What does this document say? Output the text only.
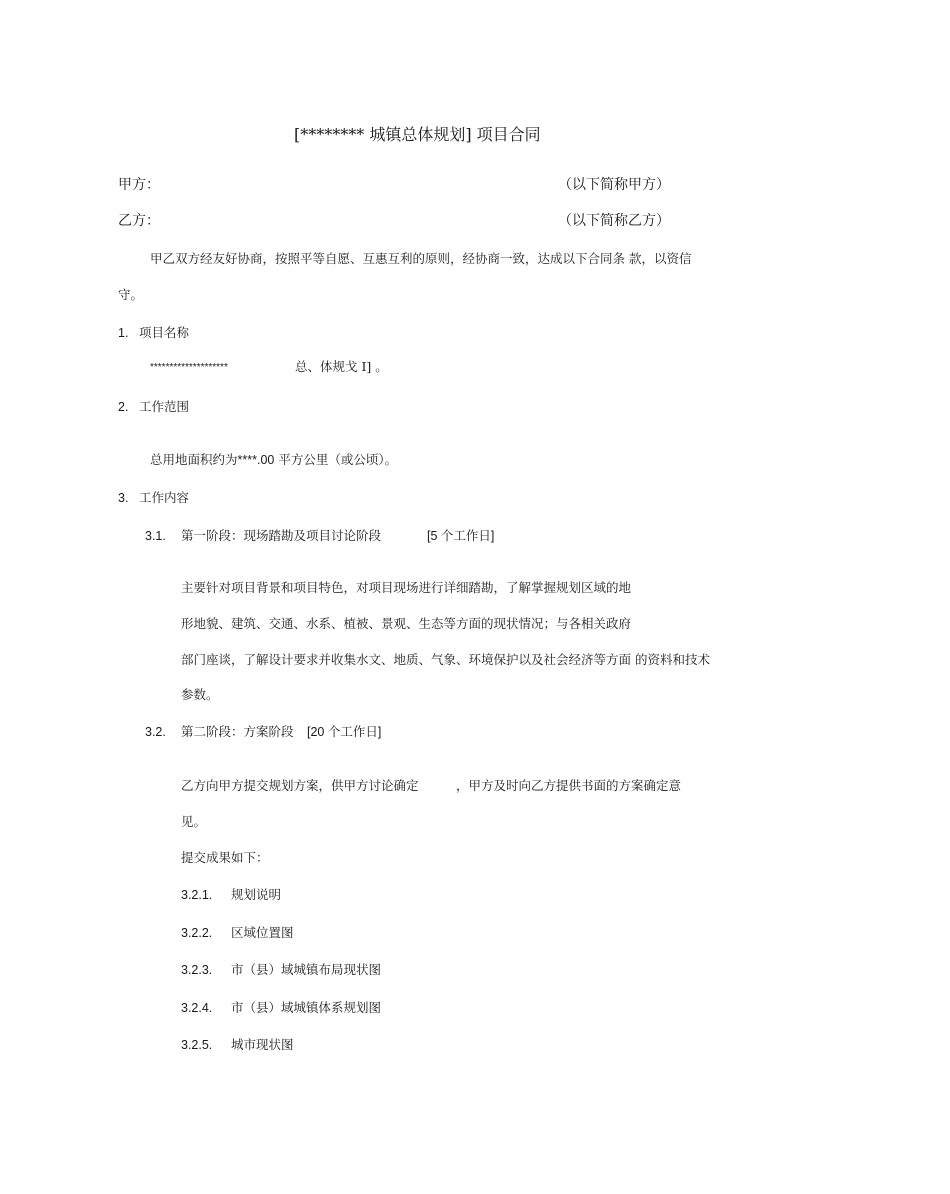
[******** 城镇总体规划] 项目合同
甲方：	（以下简称甲方）
乙方：	（以下简称乙方）
甲乙双方经友好协商，按照平等自愿、互惠互利的原则，经协商一致，达成以下合同条 款，以资信
守。
1. 项目名称
********************	总、体规戈 I] 。
2. 工作范围
总用地面积约为****.00 平方公里（或公顷）。
3. 工作内容
3.1. 第一阶段：现场踏勘及项目讨论阶段	[5 个工作日]
主要针对项目背景和项目特色，对项目现场进行详细踏勘，了解掌握规划区域的地
形地貌、建筑、交通、水系、植被、景观、生态等方面的现状情况；与各相关政府
部门座谈，了解设计要求并收集水文、地质、气象、环境保护以及社会经济等方面 的资料和技术
参数。
3.2. 第二阶段：方案阶段 [20 个工作日]
乙方向甲方提交规划方案，供甲方讨论确定	，甲方及时向乙方提供书面的方案确定意
见。
提交成果如下：
3.2.1. 规划说明
3.2.2. 区域位置图
3.2.3. 市（县）域城镇布局现状图
3.2.4. 市（县）域城镇体系规划图
3.2.5. 城市现状图
